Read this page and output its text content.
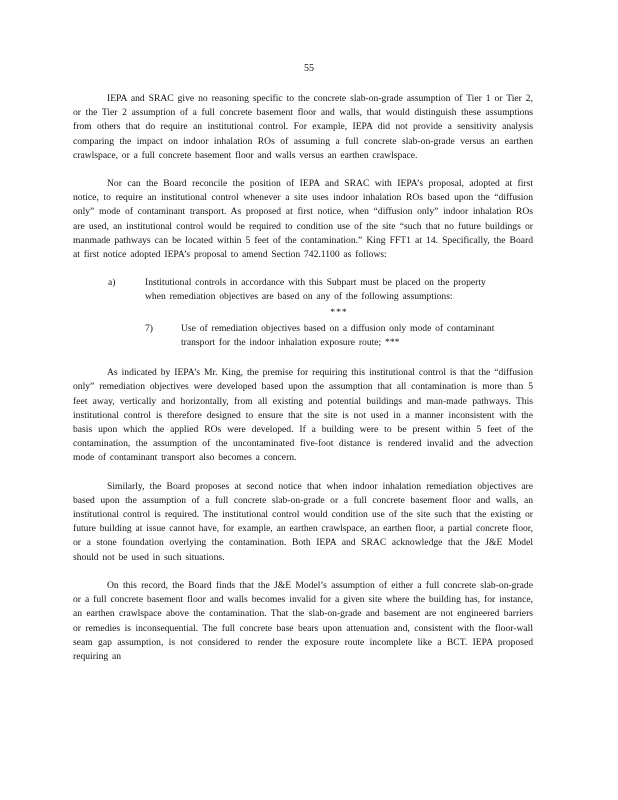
55

IEPA and SRAC give no reasoning specific to the concrete slab-on-grade assumption of Tier 1 or Tier 2, or the Tier 2 assumption of a full concrete basement floor and walls, that would distinguish these assumptions from others that do require an institutional control. For example, IEPA did not provide a sensitivity analysis comparing the impact on indoor inhalation ROs of assuming a full concrete slab-on-grade versus an earthen crawlspace, or a full concrete basement floor and walls versus an earthen crawlspace.

Nor can the Board reconcile the position of IEPA and SRAC with IEPA’s proposal, adopted at first notice, to require an institutional control whenever a site uses indoor inhalation ROs based upon the “diffusion only” mode of contaminant transport. As proposed at first notice, when “diffusion only” indoor inhalation ROs are used, an institutional control would be required to condition use of the site “such that no future buildings or manmade pathways can be located within 5 feet of the contamination.” King FFT1 at 14. Specifically, the Board at first notice adopted IEPA’s proposal to amend Section 742.1100 as follows:

a)	Institutional controls in accordance with this Subpart must be placed on the property when remediation objectives are based on any of the following assumptions:
***
7)	Use of remediation objectives based on a diffusion only mode of contaminant transport for the indoor inhalation exposure route; ***

As indicated by IEPA’s Mr. King, the premise for requiring this institutional control is that the “diffusion only” remediation objectives were developed based upon the assumption that all contamination is more than 5 feet away, vertically and horizontally, from all existing and potential buildings and man-made pathways. This institutional control is therefore designed to ensure that the site is not used in a manner inconsistent with the basis upon which the applied ROs were developed. If a building were to be present within 5 feet of the contamination, the assumption of the uncontaminated five-foot distance is rendered invalid and the advection mode of contaminant transport also becomes a concern.

Similarly, the Board proposes at second notice that when indoor inhalation remediation objectives are based upon the assumption of a full concrete slab-on-grade or a full concrete basement floor and walls, an institutional control is required. The institutional control would condition use of the site such that the existing or future building at issue cannot have, for example, an earthen crawlspace, an earthen floor, a partial concrete floor, or a stone foundation overlying the contamination. Both IEPA and SRAC acknowledge that the J&E Model should not be used in such situations.

On this record, the Board finds that the J&E Model’s assumption of either a full concrete slab-on-grade or a full concrete basement floor and walls becomes invalid for a given site where the building has, for instance, an earthen crawlspace above the contamination. That the slab-on-grade and basement are not engineered barriers or remedies is inconsequential. The full concrete base bears upon attenuation and, consistent with the floor-wall seam gap assumption, is not considered to render the exposure route incomplete like a BCT. IEPA proposed requiring an
